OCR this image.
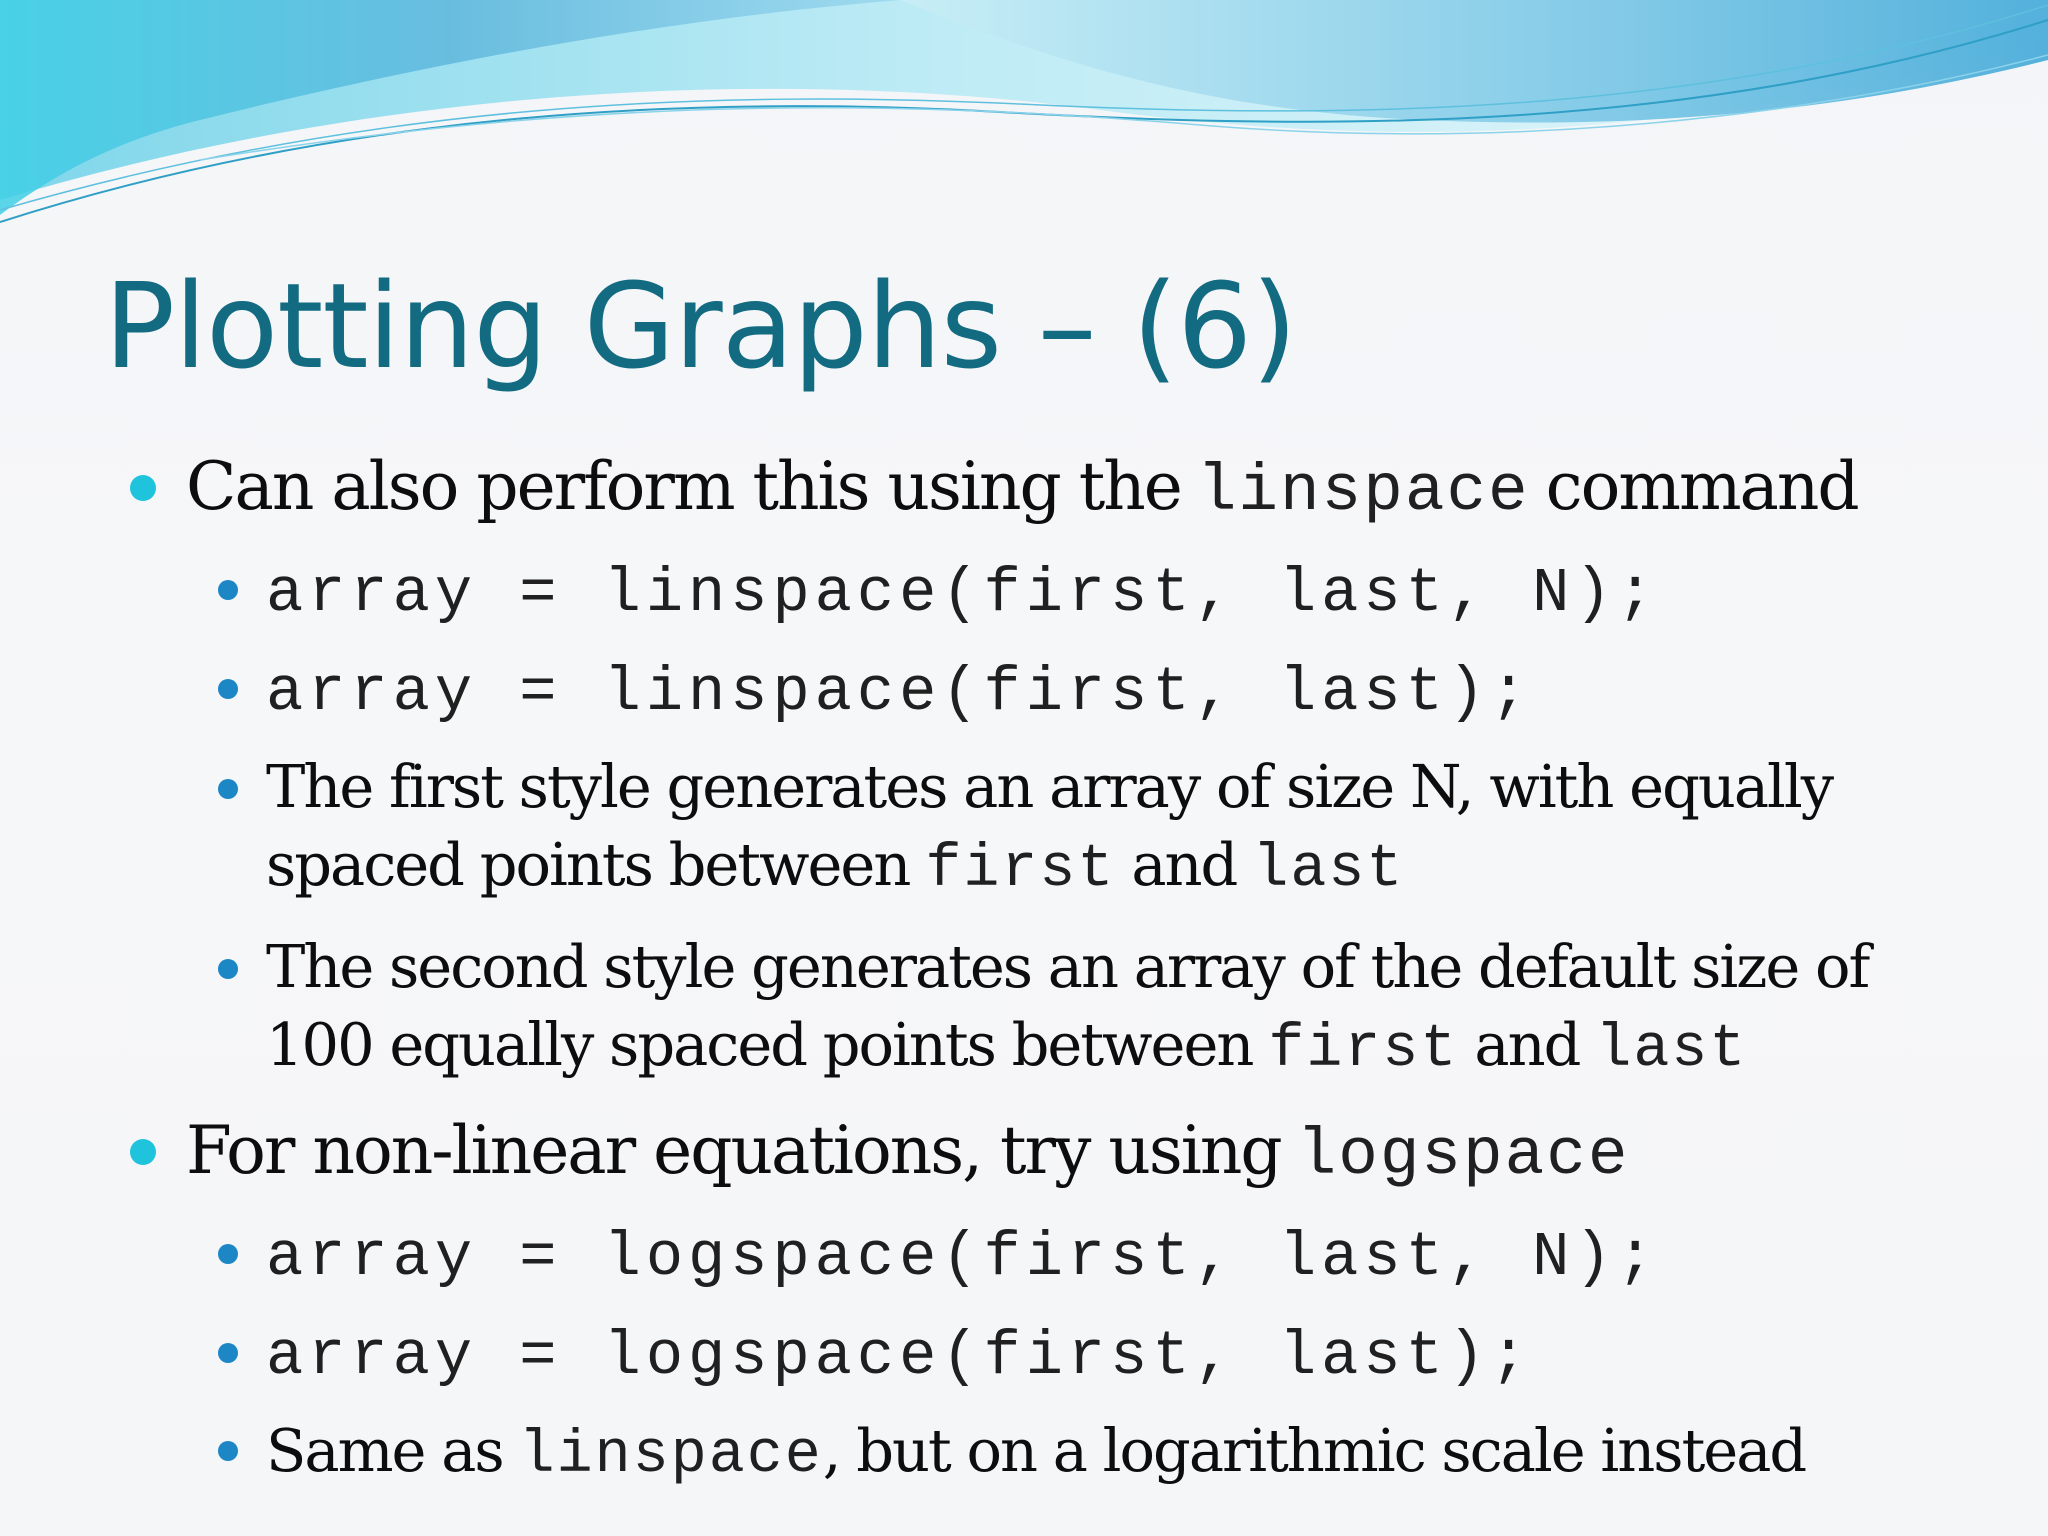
Plotting Graphs – (6)

Can also perform this using the linspace command

array = linspace(first, last, N);

array = linspace(first, last);

The first style generates an array of size N, with equally
spaced points between first and last

The second style generates an array of the default size of
100 equally spaced points between first and last

For non-linear equations, try using logspace

array = logspace(first, last, N);

array = logspace(first, last);

Same as linspace, but on a logarithmic scale instead
